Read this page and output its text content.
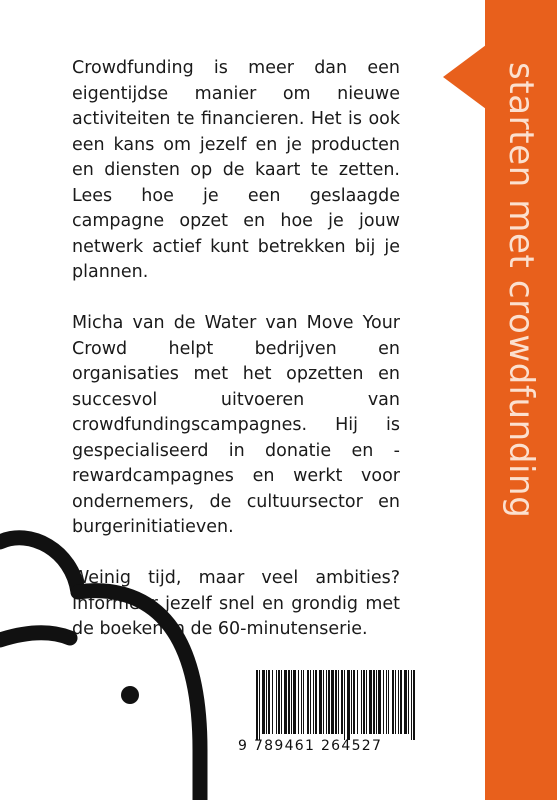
starten met crowdfunding

Crowdfunding is meer dan een eigentijdse manier om nieuwe activiteiten te financieren. Het is ook een kans om jezelf en je producten en diensten op de kaart te zetten. Lees hoe je een geslaagde campagne opzet en hoe je jouw netwerk actief kunt betrekken bij je plannen.

Micha van de Water van Move Your Crowd helpt bedrijven en organisaties met het opzetten en succesvol uitvoeren van crowdfundingscampagnes. Hij is gespecialiseerd in donatie en -rewardcampagnes en werkt voor ondernemers, de cultuursector en burgerinitiatieven.

Weinig tijd, maar veel ambities? Informeer jezelf snel en grondig met de boeken in de 60-minutenserie.

9 789461 264527
